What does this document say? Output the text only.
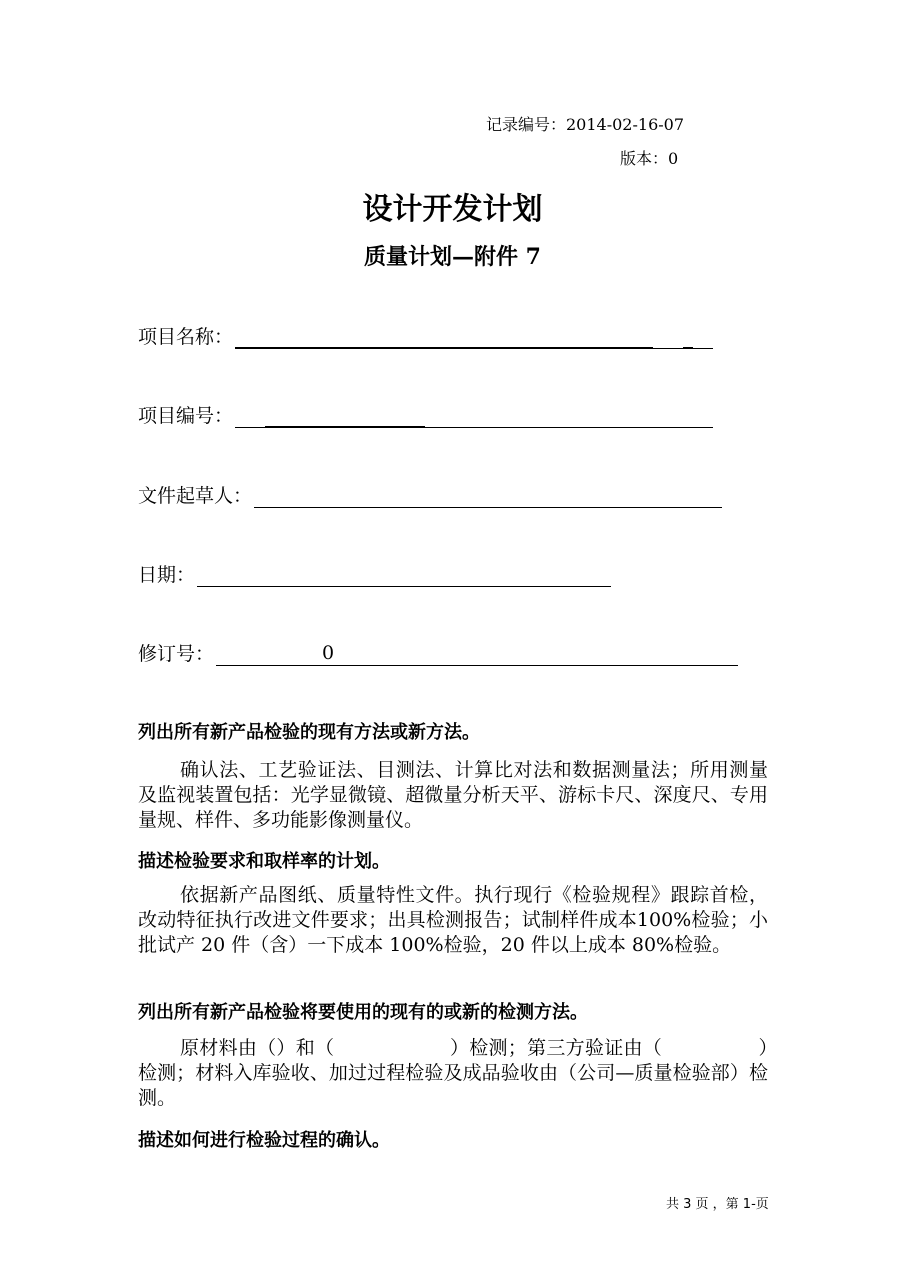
记录编号：2014-02-16-07
版本：0
设计开发计划
质量计划—附件 7
项目名称：
项目编号：
文件起草人：
日期：
修订号：	0
列出所有新产品检验的现有方法或新方法。

确认法、工艺验证法、目测法、计算比对法和数据测量法；所用测量及监视装置包括：光学显微镜、超微量分析天平、游标卡尺、深度尺、专用量规、样件、多功能影像测量仪。

描述检验要求和取样率的计划。

依据新产品图纸、质量特性文件。执行现行《检验规程》跟踪首检，改动特征执行改进文件要求；出具检测报告；试制样件成本100%检验；小批试产 20 件（含）一下成本 100%检验，20 件以上成本 80%检验。

列出所有新产品检验将要使用的现有的或新的检测方法。

原材料由（）和（　　　　　　）检测；第三方验证由（　　　　　）检测；材料入库验收、加过过程检验及成品验收由（公司—质量检验部）检测。

描述如何进行检验过程的确认。
共 3 页 ，第 1-页
